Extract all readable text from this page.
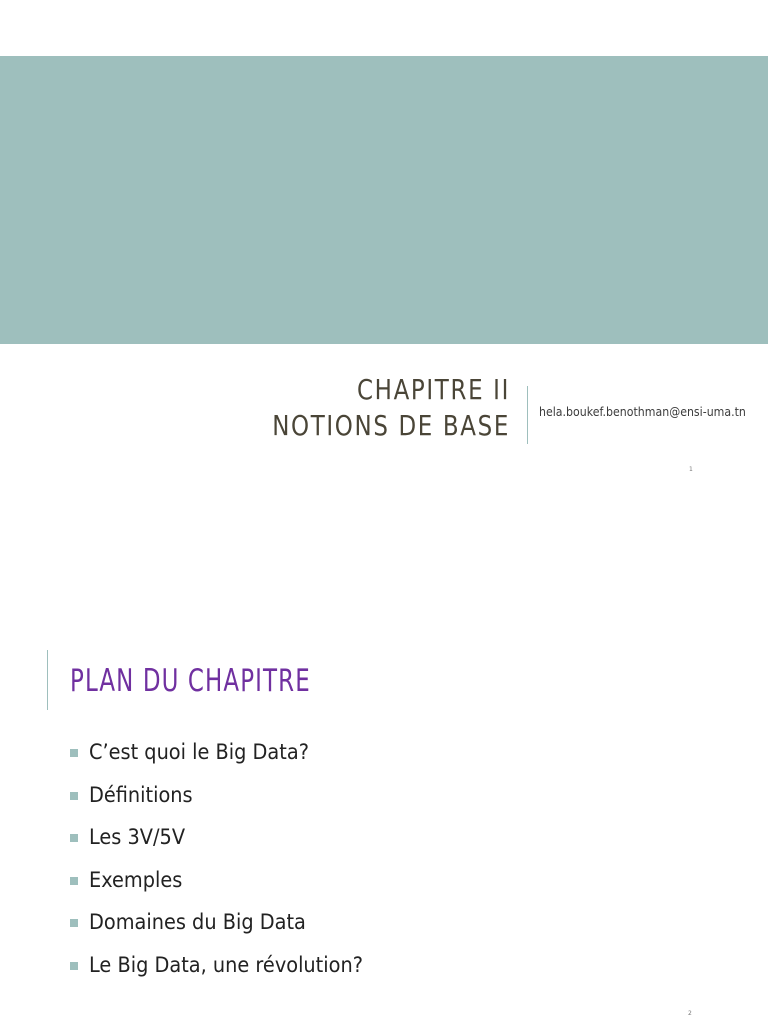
CHAPITRE II
NOTIONS DE BASE hela.boukef.benothman@ensi-uma.tn
1
PLAN DU CHAPITRE
C’est quoi le Big Data?
Définitions
Les 3V/5V
Exemples
Domaines du Big Data
Le Big Data, une révolution?
2
